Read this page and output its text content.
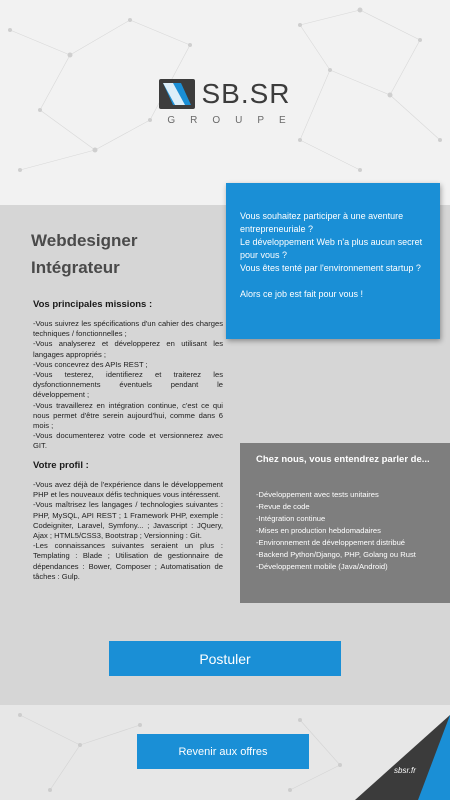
SB.SR
GROUPE

Vous souhaitez participer à une aventure entrepreneuriale ?

Le développement Web n'a plus aucun secret pour vous ?

Vous êtes tenté par l'environnement startup ?

Alors ce job est fait pour vous !

Webdesigner
Intégrateur
Vos principales missions :
-Vous suivrez les spécifications d'un cahier des charges techniques / fonctionnelles ;
-Vous analyserez et développerez en utilisant les langages appropriés ;
-Vous concevrez des APIs REST ;
-Vous testerez, identifierez et traiterez les dysfonctionnements éventuels pendant le développement ;
-Vous travaillerez en intégration continue, c'est ce qui nous permet d'être serein aujourd'hui, comme dans 6 mois ;
-Vous documenterez votre code et versionnerez avec GIT.
Votre profil :
-Vous avez déjà de l'expérience dans le développement PHP et les nouveaux défis techniques vous intéressent.
-Vous maîtrisez les langages / technologies suivantes : PHP, MySQL, API REST ; 1 Framework PHP, exemple : Codeigniter, Laravel, Symfony... ; Javascript : JQuery, Ajax ; HTML5/CSS3, Bootstrap ; Versionning : Git.
-Les connaissances suivantes seraient un plus : Templating : Blade ; Utilisation de gestionnaire de dépendances : Bower, Composer ; Automatisation de tâches : Gulp.
Chez nous, vous entendrez parler de...
-Développement avec tests unitaires
-Revue de code
-Intégration continue
-Mises en production hebdomadaires
-Environnement de développement distribué
-Backend Python/Django, PHP, Golang ou Rust
-Développement mobile (Java/Android)
Postuler
Revenir aux offres
sbsr.fr
